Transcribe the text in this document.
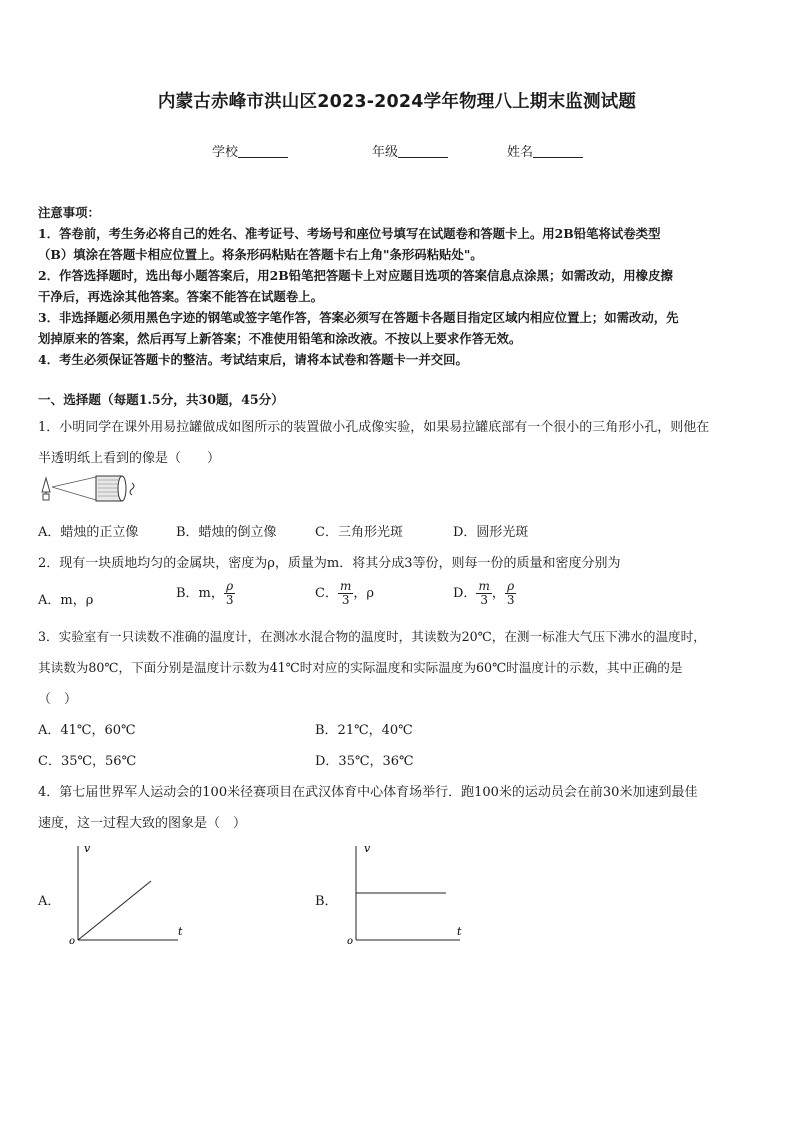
内蒙古赤峰市洪山区2023-2024学年物理八上期末监测试题
学校	年级	姓名
注意事项：
1．答卷前，考生务必将自己的姓名、准考证号、考场号和座位号填写在试题卷和答题卡上。用2B铅笔将试卷类型
（B）填涂在答题卡相应位置上。将条形码粘贴在答题卡右上角"条形码粘贴处"。
2．作答选择题时，选出每小题答案后，用2B铅笔把答题卡上对应题目选项的答案信息点涂黑；如需改动，用橡皮擦
干净后，再选涂其他答案。答案不能答在试题卷上。
3．非选择题必须用黑色字迹的钢笔或签字笔作答，答案必须写在答题卡各题目指定区域内相应位置上；如需改动，先
划掉原来的答案，然后再写上新答案；不准使用铅笔和涂改液。不按以上要求作答无效。
4．考生必须保证答题卡的整洁。考试结束后，请将本试卷和答题卡一并交回。
一、选择题（每题1.5分，共30题，45分）
1．小明同学在课外用易拉罐做成如图所示的装置做小孔成像实验，如果易拉罐底部有一个很小的三角形小孔，则他在
半透明纸上看到的像是（　　）
A．蜡烛的正立像	B．蜡烛的倒立像	C．三角形光斑	D．圆形光斑
2．现有一块质地均匀的金属块，密度为ρ，质量为m．将其分成3等份，则每一份的质量和密度分别为
A．m，ρ	B．m， $\frac{\rho}{3}$	C． $\frac{m}{3}$ ，ρ	D． $\frac{m}{3}$ ， $\frac{\rho}{3}$
3．实验室有一只读数不准确的温度计，在测冰水混合物的温度时，其读数为20℃，在测一标准大气压下沸水的温度时，
其读数为80℃，下面分别是温度计示数为41℃时对应的实际温度和实际温度为60℃时温度计的示数，其中正确的是
（　）
A．41℃，60℃	B．21℃，40℃
C．35℃，56℃	D．35℃，36℃
4．第七届世界军人运动会的100米径赛项目在武汉体育中心体育场举行．跑100米的运动员会在前30米加速到最佳
速度，这一过程大致的图象是（　）
A．
v
t
o
B．
v
t
o
